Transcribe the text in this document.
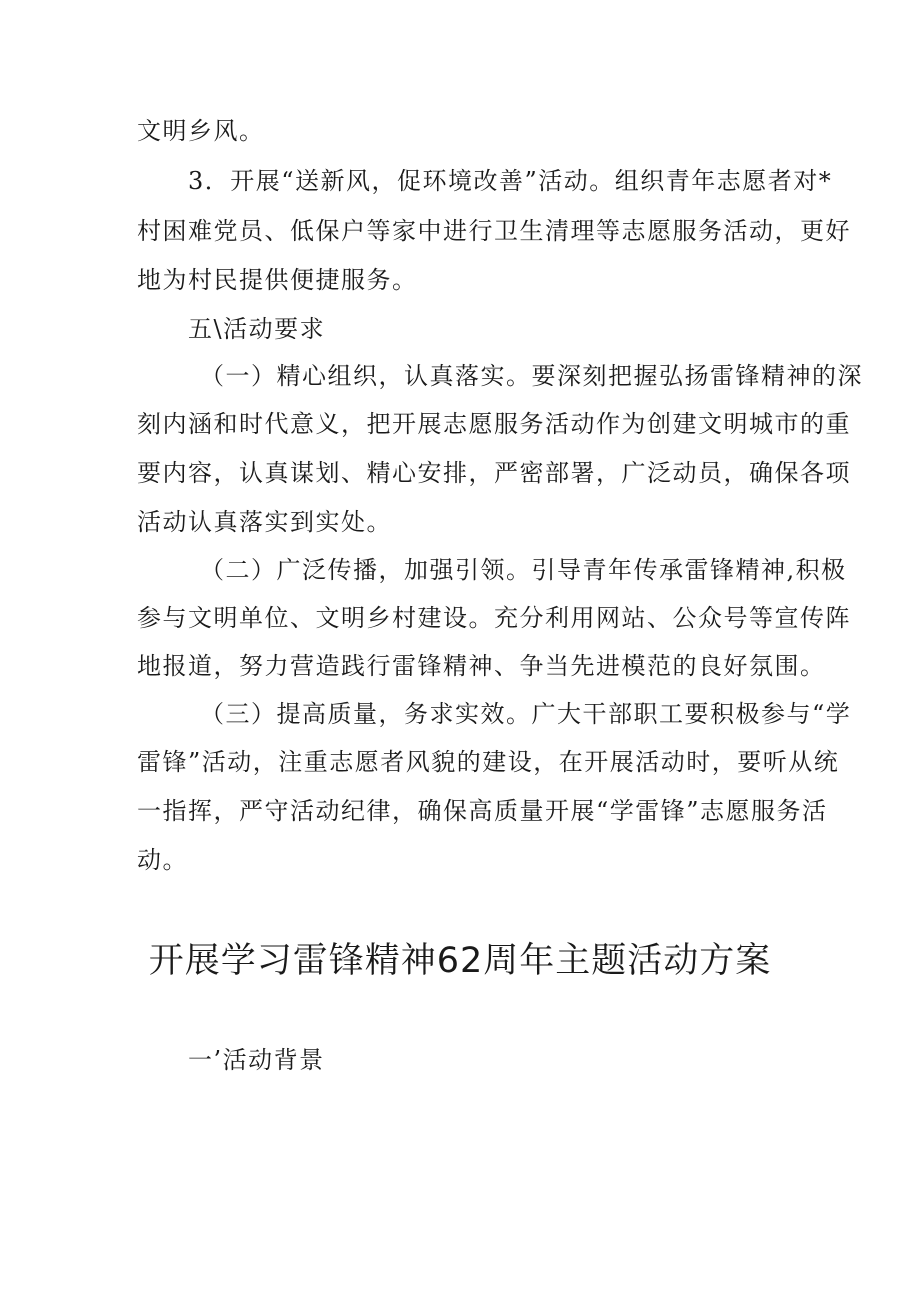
文明乡风。
3．开展“送新风，促环境改善”活动。组织青年志愿者对*
村困难党员、低保户等家中进行卫生清理等志愿服务活动，更好
地为村民提供便捷服务。
五\活动要求
（一）精心组织，认真落实。要深刻把握弘扬雷锋精神的深
刻内涵和时代意义，把开展志愿服务活动作为创建文明城市的重
要内容，认真谋划、精心安排，严密部署，广泛动员，确保各项
活动认真落实到实处。
（二）广泛传播，加强引领。引导青年传承雷锋精神,积极
参与文明单位、文明乡村建设。充分利用网站、公众号等宣传阵
地报道，努力营造践行雷锋精神、争当先进模范的良好氛围。
（三）提高质量，务求实效。广大干部职工要积极参与“学
雷锋”活动，注重志愿者风貌的建设，在开展活动时，要听从统
一指挥，严守活动纪律，确保高质量开展“学雷锋”志愿服务活
动。
开展学习雷锋精神62周年主题活动方案
一’活动背景
